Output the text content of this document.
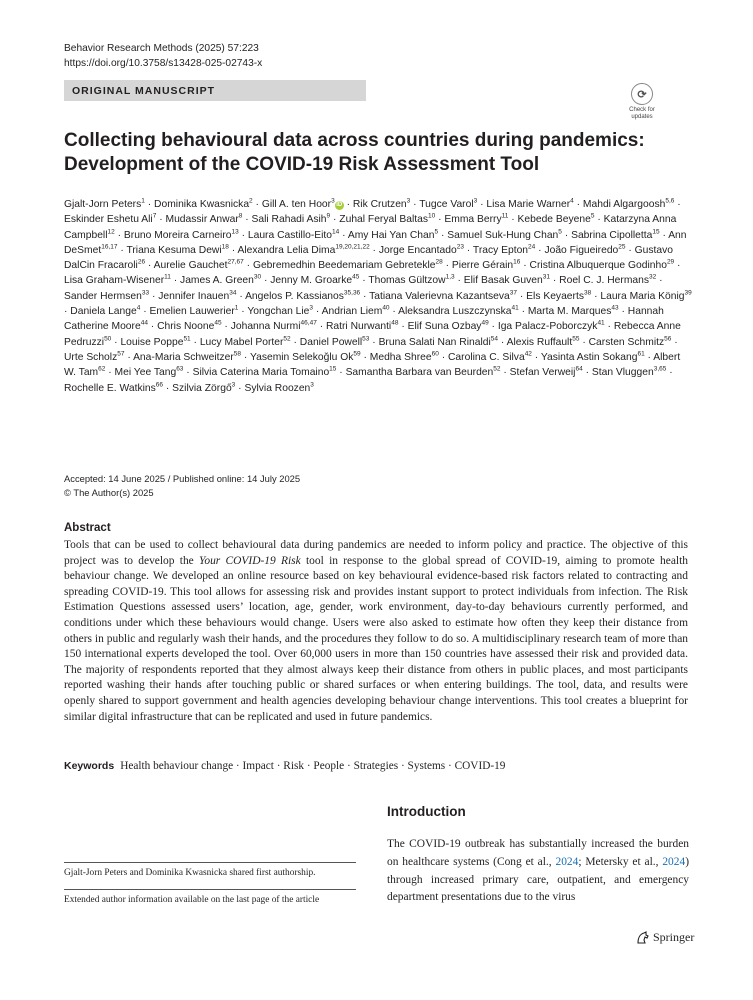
Behavior Research Methods (2025) 57:223
https://doi.org/10.3758/s13428-025-02743-x
ORIGINAL MANUSCRIPT	⟳
Check for updates
Collecting behavioural data across countries during pandemics:
Development of the COVID-19 Risk Assessment Tool
Gjalt-Jorn Peters$^1$ · Dominika Kwasnicka$^2$ · Gill A. ten Hoor$^3$iD · Rik Crutzen$^3$ · Tugce Varol$^3$ · Lisa Marie Warner$^4$ · Mahdi Algargoosh$^{5,6}$ · Eskinder Eshetu Ali$^7$ · Mudassir Anwar$^8$ · Sali Rahadi Asih$^9$ · Zuhal Feryal Baltas$^{10}$ · Emma Berry$^{11}$ · Kebede Beyene$^5$ · Katarzyna Anna Campbell$^{12}$ · Bruno Moreira Carneiro$^{13}$ · Laura Castillo-Eito$^{14}$ · Amy Hai Yan Chan$^5$ · Samuel Suk-Hung Chan$^5$ · Sabrina Cipolletta$^{15}$ · Ann DeSmet$^{16,17}$ · Triana Kesuma Dewi$^{18}$ · Alexandra Lelia Dima$^{19,20,21,22}$ · Jorge Encantado$^{23}$ · Tracy Epton$^{24}$ · João Figueiredo$^{25}$ · Gustavo DalCin Fracaroli$^{26}$ · Aurelie Gauchet$^{27,67}$ · Gebremedhin Beedemariam Gebretekle$^{28}$ · Pierre Gérain$^{16}$ · Cristina Albuquerque Godinho$^{29}$ · Lisa Graham-Wisener$^{11}$ · James A. Green$^{30}$ · Jenny M. Groarke$^{45}$ · Thomas Gültzow$^{1,3}$ · Elif Basak Guven$^{31}$ · Roel C. J. Hermans$^{32}$ · Sander Hermsen$^{33}$ · Jennifer Inauen$^{34}$ · Angelos P. Kassianos$^{35,36}$ · Tatiana Valerievna Kazantseva$^{37}$ · Els Keyaerts$^{38}$ · Laura Maria König$^{39}$ · Daniela Lange$^4$ · Emelien Lauwerier$^1$ · Yongchan Lie$^3$ · Andrian Liem$^{40}$ · Aleksandra Luszczynska$^{41}$ · Marta M. Marques$^{43}$ · Hannah Catherine Moore$^{44}$ · Chris Noone$^{45}$ · Johanna Nurmi$^{46,47}$ · Ratri Nurwanti$^{48}$ · Elif Suna Ozbay$^{49}$ · Iga Palacz-Poborczyk$^{41}$ · Rebecca Anne Pedruzzi$^{50}$ · Louise Poppe$^{51}$ · Lucy Mabel Porter$^{52}$ · Daniel Powell$^{53}$ · Bruna Salati Nan Rinaldi$^{54}$ · Alexis Ruffault$^{55}$ · Carsten Schmitz$^{56}$ · Urte Scholz$^{57}$ · Ana-Maria Schweitzer$^{58}$ · Yasemin Selekoğlu $Ok^{59}$ · Medha Shree$^{60}$ · Carolina C. Silva$^{42}$ · Yasinta Astin Sokang$^{61}$ · Albert W. Tam$^{62}$ · Mei Yee Tang$^{63}$ · Silvia Caterina Maria Tomaino$^{15}$ · Samantha Barbara van Beurden$^{52}$ · Stefan Verweij$^{64}$ · Stan Vluggen$^{3,65}$ · Rochelle E. Watkins$^{66}$ · Szilvia Zörgő$^3$ · Sylvia Roozen$^3$
Accepted: 14 June 2025 / Published online: 14 July 2025
© The Author(s) 2025
Abstract
Tools that can be used to collect behavioural data during pandemics are needed to inform policy and practice. The objective of this project was to develop the Your COVID-19 Risk tool in response to the global spread of COVID-19, aiming to promote health behaviour change. We developed an online resource based on key behavioural evidence-based risk factors related to contracting and spreading COVID-19. This tool allows for assessing risk and provides instant support to protect individuals from infection. The Risk Estimation Questions assessed users’ location, age, gender, work environment, day-to-day behaviours currently performed, and conditions under which these behaviours would change. Users were also asked to estimate how often they keep their distance from others in public and regularly wash their hands, and the procedures they follow to do so. A multidisciplinary research team of more than 150 international experts developed the tool. Over 60,000 users in more than 150 countries have assessed their risk and provided data. The majority of respondents reported that they almost always keep their distance from others in public places, and most participants reported washing their hands after touching public or shared surfaces or when entering buildings. The tool, data, and results were openly shared to support government and health agencies developing behaviour change interventions. This tool creates a blueprint for similar digital infrastructure that can be replicated and used in future pandemics.
Keywords Health behaviour change · Impact · Risk · People · Strategies · Systems · COVID-19
Introduction
The COVID-19 outbreak has substantially increased the burden on healthcare systems (Cong et al., 2024; Metersky et al., 2024) through increased primary care, outpatient, and emergency department presentations due to the virus
Gjalt-Jorn Peters and Dominika Kwasnicka shared first authorship.
Extended author information available on the last page of the article
Springer
